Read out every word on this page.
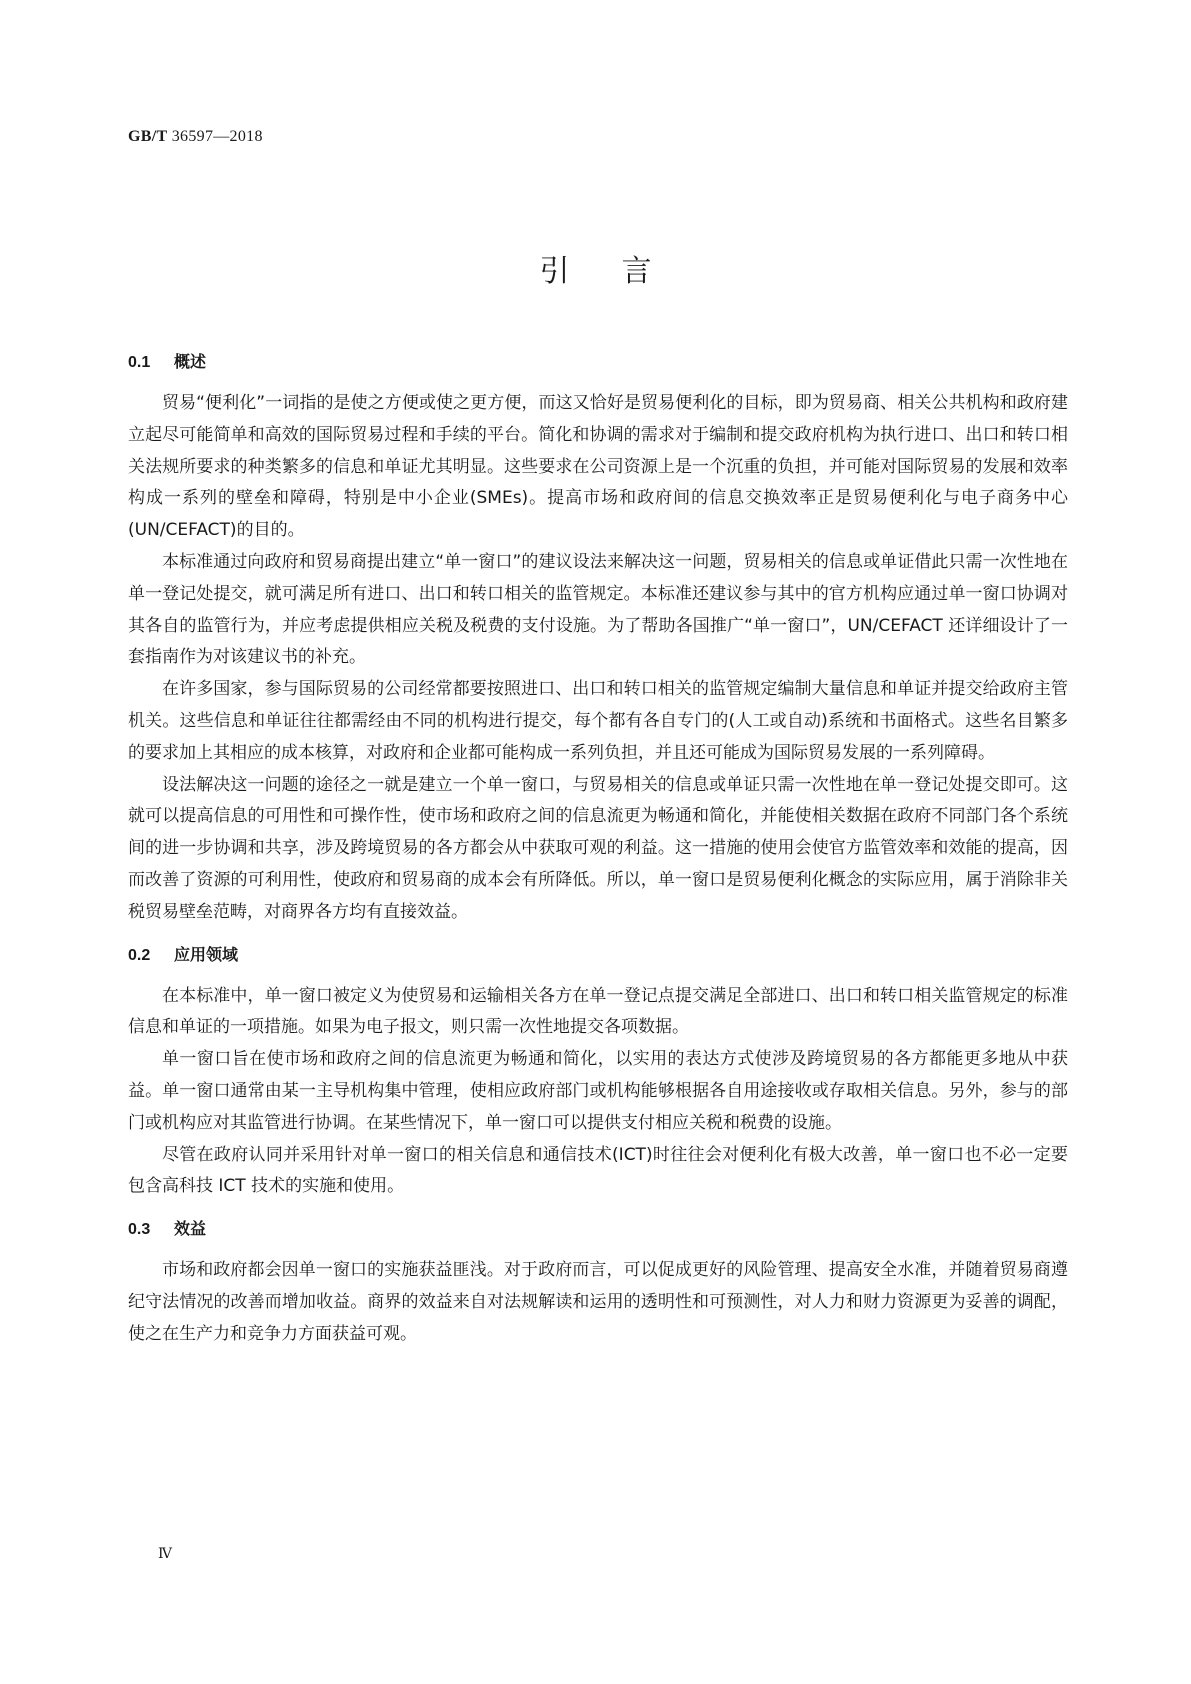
GB/T 36597—2018
引言
0.1 概述

贸易“便利化”一词指的是使之方便或使之更方便，而这又恰好是贸易便利化的目标，即为贸易商、相关公共机构和政府建立起尽可能简单和高效的国际贸易过程和手续的平台。简化和协调的需求对于编制和提交政府机构为执行进口、出口和转口相关法规所要求的种类繁多的信息和单证尤其明显。这些要求在公司资源上是一个沉重的负担，并可能对国际贸易的发展和效率构成一系列的壁垒和障碍，特别是中小企业(SMEs)。提高市场和政府间的信息交换效率正是贸易便利化与电子商务中心(UN/CEFACT)的目的。

本标准通过向政府和贸易商提出建立“单一窗口”的建议设法来解决这一问题，贸易相关的信息或单证借此只需一次性地在单一登记处提交，就可满足所有进口、出口和转口相关的监管规定。本标准还建议参与其中的官方机构应通过单一窗口协调对其各自的监管行为，并应考虑提供相应关税及税费的支付设施。为了帮助各国推广“单一窗口”，UN/CEFACT 还详细设计了一套指南作为对该建议书的补充。

在许多国家，参与国际贸易的公司经常都要按照进口、出口和转口相关的监管规定编制大量信息和单证并提交给政府主管机关。这些信息和单证往往都需经由不同的机构进行提交，每个都有各自专门的(人工或自动)系统和书面格式。这些名目繁多的要求加上其相应的成本核算，对政府和企业都可能构成一系列负担，并且还可能成为国际贸易发展的一系列障碍。

设法解决这一问题的途径之一就是建立一个单一窗口，与贸易相关的信息或单证只需一次性地在单一登记处提交即可。这就可以提高信息的可用性和可操作性，使市场和政府之间的信息流更为畅通和简化，并能使相关数据在政府不同部门各个系统间的进一步协调和共享，涉及跨境贸易的各方都会从中获取可观的利益。这一措施的使用会使官方监管效率和效能的提高，因而改善了资源的可利用性，使政府和贸易商的成本会有所降低。所以，单一窗口是贸易便利化概念的实际应用，属于消除非关税贸易壁垒范畴，对商界各方均有直接效益。

0.2 应用领域

在本标准中，单一窗口被定义为使贸易和运输相关各方在单一登记点提交满足全部进口、出口和转口相关监管规定的标准信息和单证的一项措施。如果为电子报文，则只需一次性地提交各项数据。

单一窗口旨在使市场和政府之间的信息流更为畅通和简化，以实用的表达方式使涉及跨境贸易的各方都能更多地从中获益。单一窗口通常由某一主导机构集中管理，使相应政府部门或机构能够根据各自用途接收或存取相关信息。另外，参与的部门或机构应对其监管进行协调。在某些情况下，单一窗口可以提供支付相应关税和税费的设施。

尽管在政府认同并采用针对单一窗口的相关信息和通信技术(ICT)时往往会对便利化有极大改善，单一窗口也不必一定要包含高科技 ICT 技术的实施和使用。

0.3 效益

市场和政府都会因单一窗口的实施获益匪浅。对于政府而言，可以促成更好的风险管理、提高安全水准，并随着贸易商遵纪守法情况的改善而增加收益。商界的效益来自对法规解读和运用的透明性和可预测性，对人力和财力资源更为妥善的调配，使之在生产力和竞争力方面获益可观。

Ⅳ
